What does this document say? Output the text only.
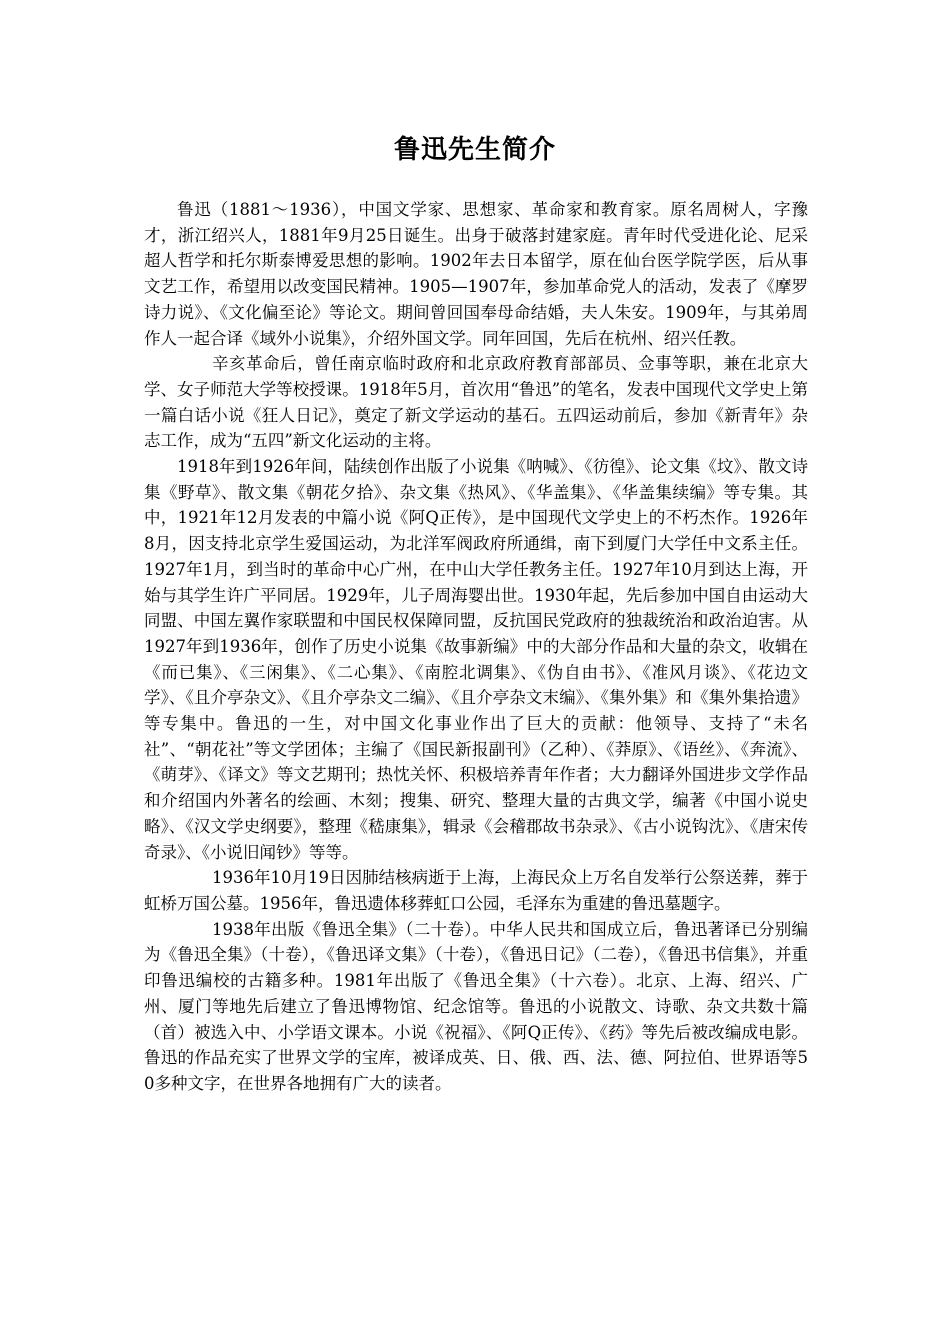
鲁迅先生简介

鲁迅（1881～1936），中国文学家、思想家、革命家和教育家。原名周树人，字豫才，浙江绍兴人，1881年9月25日诞生。出身于破落封建家庭。青年时代受进化论、尼采超人哲学和托尔斯泰博爱思想的影响。1902年去日本留学，原在仙台医学院学医，后从事文艺工作，希望用以改变国民精神。1905—1907年，参加革命党人的活动，发表了《摩罗诗力说》、《文化偏至论》等论文。期间曾回国奉母命结婚，夫人朱安。1909年，与其弟周作人一起合译《域外小说集》，介绍外国文学。同年回国，先后在杭州、绍兴任教。

辛亥革命后，曾任南京临时政府和北京政府教育部部员、佥事等职，兼在北京大学、女子师范大学等校授课。1918年5月，首次用“鲁迅”的笔名，发表中国现代文学史上第一篇白话小说《狂人日记》，奠定了新文学运动的基石。五四运动前后，参加《新青年》杂志工作，成为“五四”新文化运动的主将。

1918年到1926年间，陆续创作出版了小说集《呐喊》、《彷徨》、论文集《坟》、散文诗集《野草》、散文集《朝花夕拾》、杂文集《热风》、《华盖集》、《华盖集续编》等专集。其中，1921年12月发表的中篇小说《阿Q正传》，是中国现代文学史上的不朽杰作。1926年8月，因支持北京学生爱国运动，为北洋军阀政府所通缉，南下到厦门大学任中文系主任。1927年1月，到当时的革命中心广州，在中山大学任教务主任。1927年10月到达上海，开始与其学生许广平同居。1929年，儿子周海婴出世。1930年起，先后参加中国自由运动大同盟、中国左翼作家联盟和中国民权保障同盟，反抗国民党政府的独裁统治和政治迫害。从1927年到1936年，创作了历史小说集《故事新编》中的大部分作品和大量的杂文，收辑在《而已集》、《三闲集》、《二心集》、《南腔北调集》、《伪自由书》、《准风月谈》、《花边文学》、《且介亭杂文》、《且介亭杂文二编》、《且介亭杂文末编》、《集外集》和《集外集拾遗》等专集中。鲁迅的一生，对中国文化事业作出了巨大的贡献：他领导、支持了“未名社”、“朝花社”等文学团体；主编了《国民新报副刊》（乙种）、《莽原》、《语丝》、《奔流》、《萌芽》、《译文》等文艺期刊；热忱关怀、积极培养青年作者；大力翻译外国进步文学作品和介绍国内外著名的绘画、木刻；搜集、研究、整理大量的古典文学，编著《中国小说史略》、《汉文学史纲要》，整理《嵇康集》，辑录《会稽郡故书杂录》、《古小说钩沈》、《唐宋传奇录》、《小说旧闻钞》等等。

1936年10月19日因肺结核病逝于上海，上海民众上万名自发举行公祭送葬，葬于虹桥万国公墓。1956年，鲁迅遗体移葬虹口公园，毛泽东为重建的鲁迅墓题字。

1938年出版《鲁迅全集》（二十卷）。中华人民共和国成立后，鲁迅著译已分别编为《鲁迅全集》（十卷），《鲁迅译文集》（十卷），《鲁迅日记》（二卷），《鲁迅书信集》，并重印鲁迅编校的古籍多种。1981年出版了《鲁迅全集》（十六卷）。北京、上海、绍兴、广州、厦门等地先后建立了鲁迅博物馆、纪念馆等。鲁迅的小说散文、诗歌、杂文共数十篇（首）被选入中、小学语文课本。小说《祝福》、《阿Q正传》、《药》等先后被改编成电影。鲁迅的作品充实了世界文学的宝库，被译成英、日、俄、西、法、德、阿拉伯、世界语等50多种文字，在世界各地拥有广大的读者。
